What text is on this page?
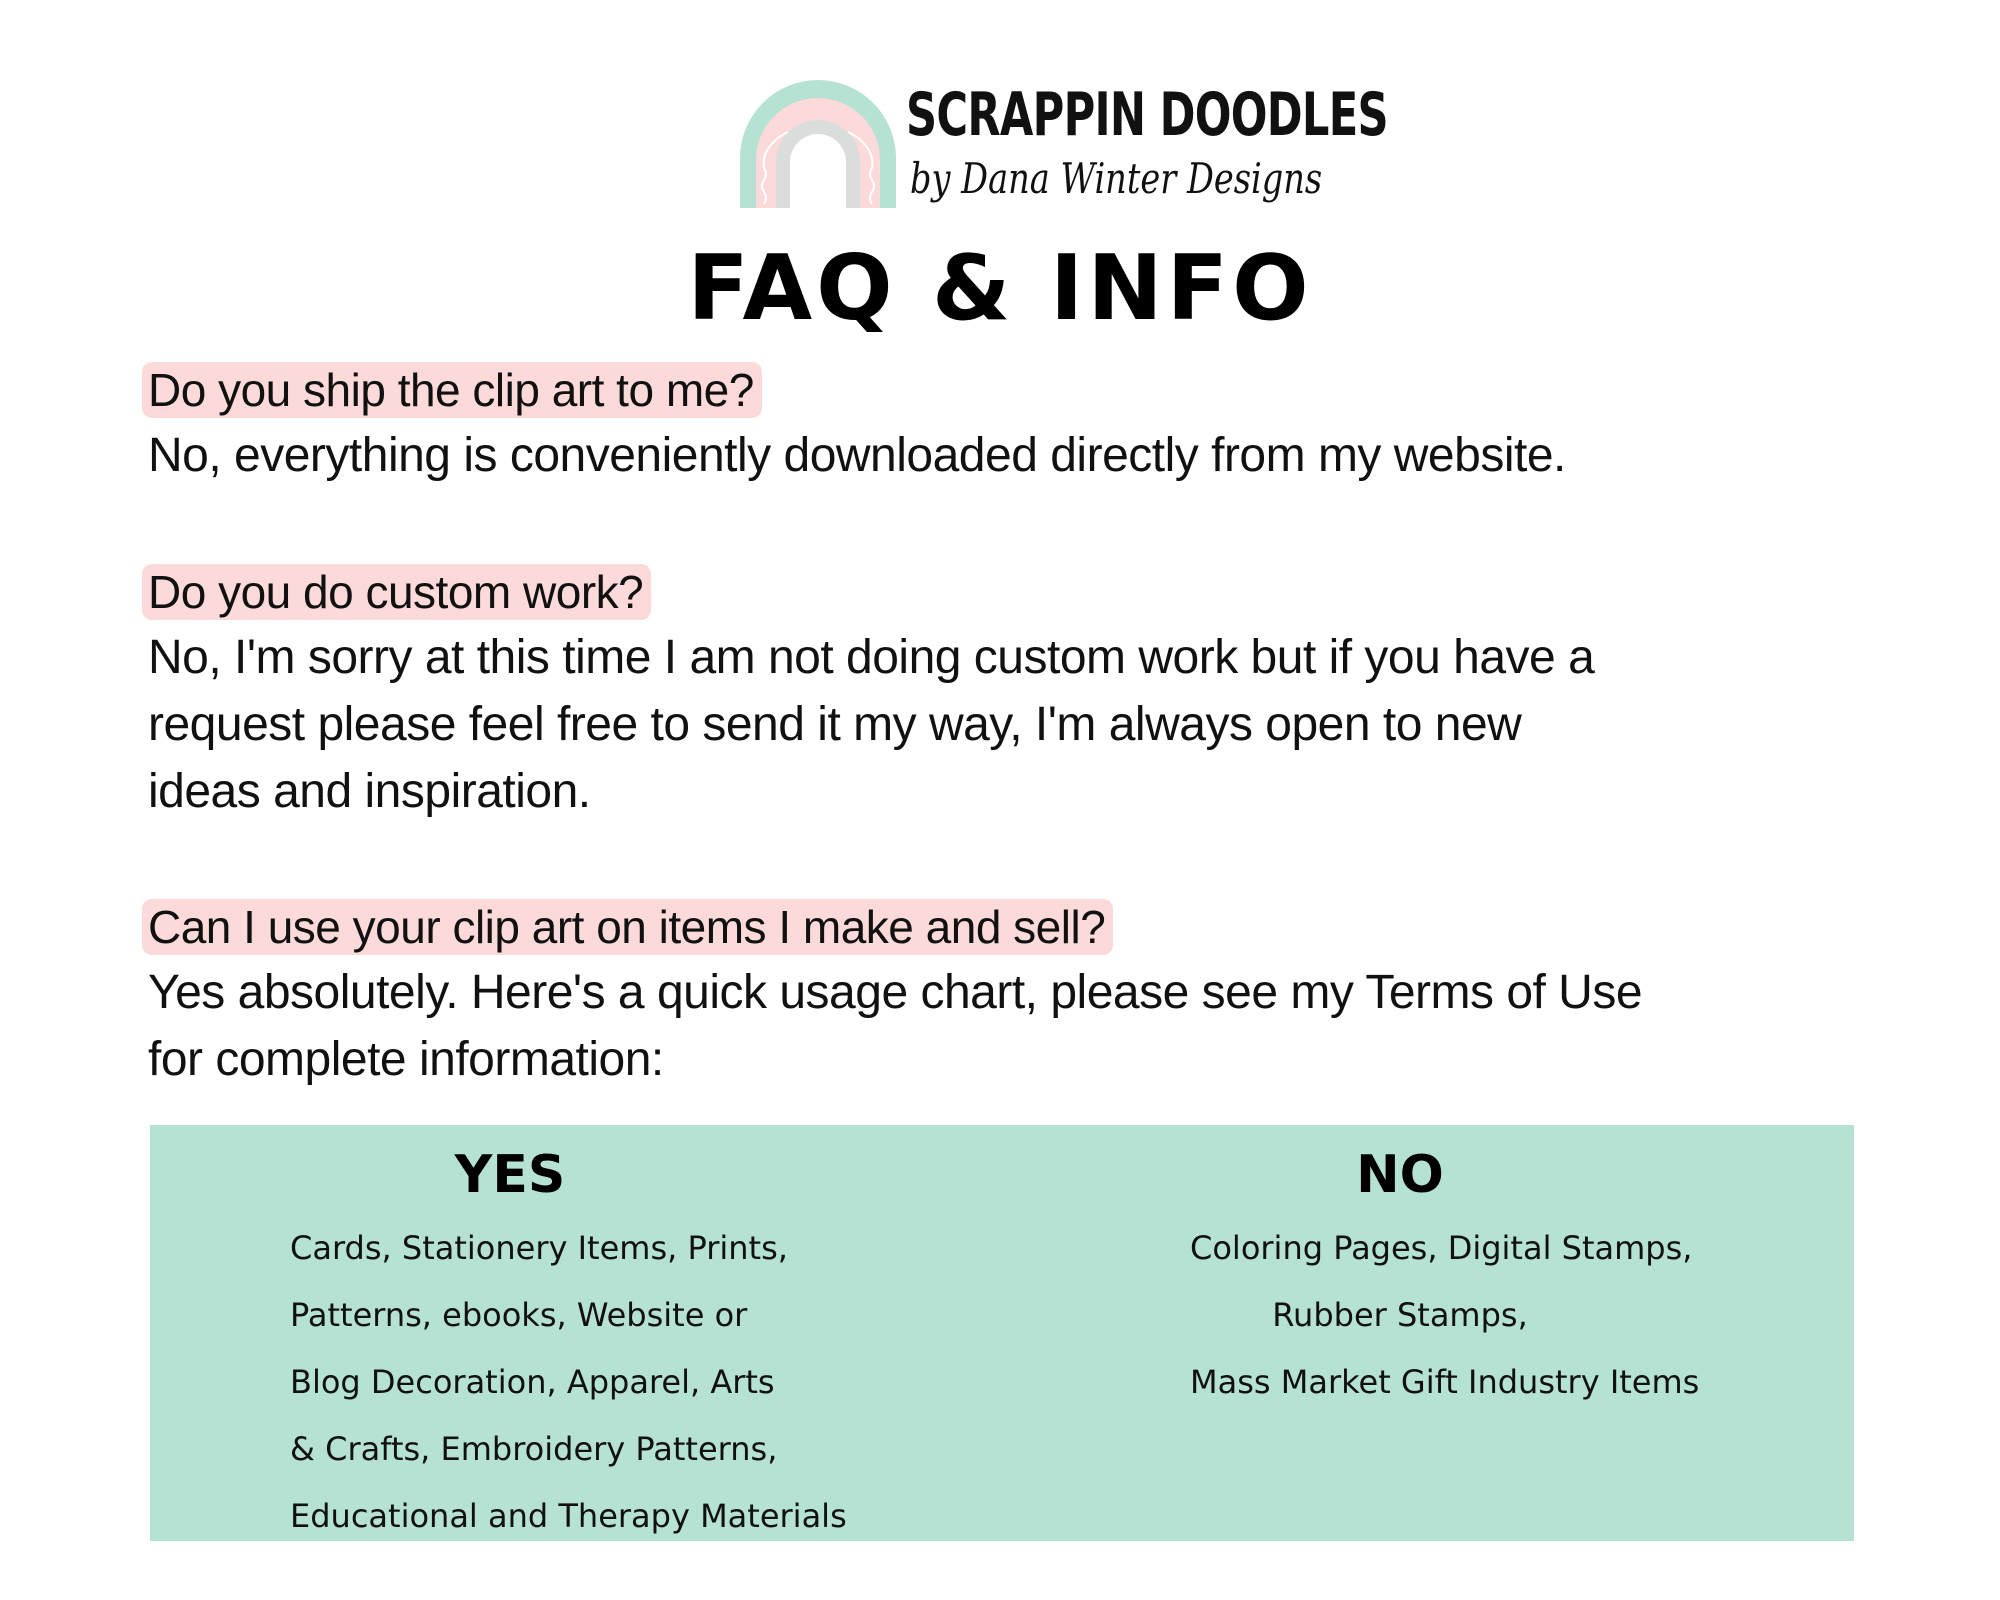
SCRAPPIN DOODLES
by Dana Winter Designs
FAQ & INFO
Do you ship the clip art to me?
No, everything is conveniently downloaded directly from my website.
Do you do custom work?
No, I'm sorry at this time I am not doing custom work but if you have a
request please feel free to send it my way, I'm always open to new
ideas and inspiration.
Can I use your clip art on items I make and sell?
Yes absolutely. Here's a quick usage chart, please see my Terms of Use
for complete information:
YES
Cards, Stationery Items, Prints,
Patterns, ebooks, Website or
Blog Decoration, Apparel, Arts
& Crafts, Embroidery Patterns,
Educational and Therapy Materials
NO
Coloring Pages, Digital Stamps,
Rubber Stamps,
Mass Market Gift Industry Items
